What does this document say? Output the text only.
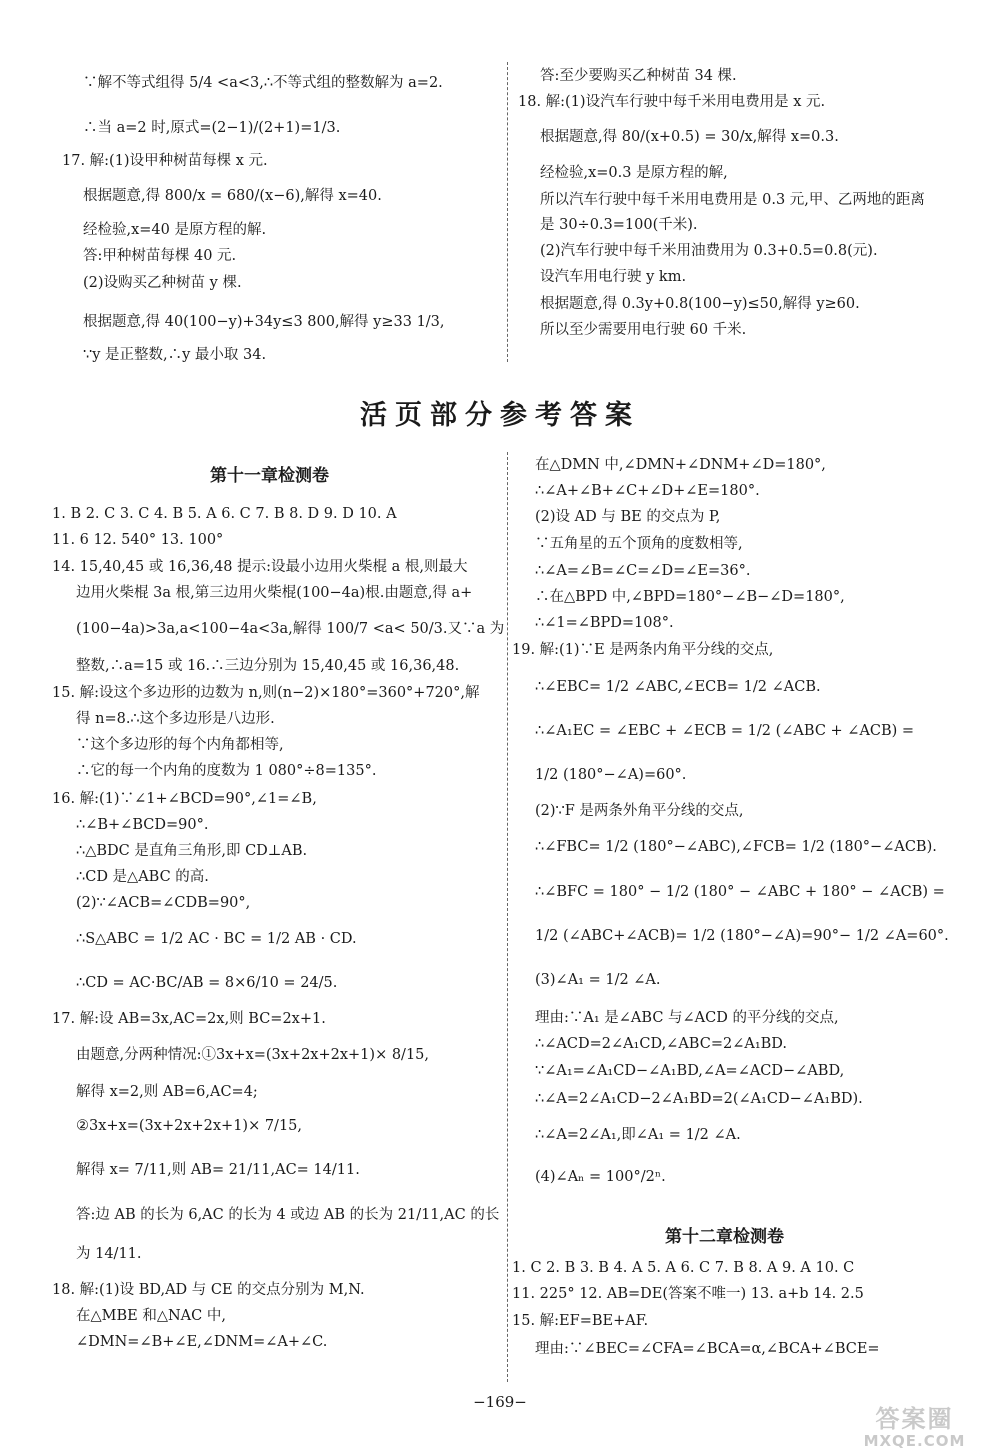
∵解不等式组得 5/4 <a<3,∴不等式组的整数解为 a=2.
∴当 a=2 时,原式=(2−1)/(2+1)=1/3.
17. 解:(1)设甲种树苗每棵 x 元.
根据题意,得 800/x = 680/(x−6),解得 x=40.
经检验,x=40 是原方程的解.
答:甲种树苗每棵 40 元.
(2)设购买乙种树苗 y 棵.
根据题意,得 40(100−y)+34y≤3 800,解得 y≥33 1/3,
∵y 是正整数,∴y 最小取 34.
答:至少要购买乙种树苗 34 棵.
18. 解:(1)设汽车行驶中每千米用电费用是 x 元.
根据题意,得 80/(x+0.5) = 30/x,解得 x=0.3.
经检验,x=0.3 是原方程的解,
所以汽车行驶中每千米用电费用是 0.3 元,甲、乙两地的距离
是 30÷0.3=100(千米).
(2)汽车行驶中每千米用油费用为 0.3+0.5=0.8(元).
设汽车用电行驶 y km.
根据题意,得 0.3y+0.8(100−y)≤50,解得 y≥60.
所以至少需要用电行驶 60 千米.
活页部分参考答案
第十一章检测卷
1. B 2. C 3. C 4. B 5. A 6. C 7. B 8. D 9. D 10. A
11. 6 12. 540° 13. 100°
14. 15,40,45 或 16,36,48 提示:设最小边用火柴棍 a 根,则最大
边用火柴棍 3a 根,第三边用火柴棍(100−4a)根.由题意,得 a+
(100−4a)>3a,a<100−4a<3a,解得 100/7 <a< 50/3.又∵a 为
整数,∴a=15 或 16.∴三边分别为 15,40,45 或 16,36,48.
15. 解:设这个多边形的边数为 n,则(n−2)×180°=360°+720°,解
得 n=8.∴这个多边形是八边形.
∵这个多边形的每个内角都相等,
∴它的每一个内角的度数为 1 080°÷8=135°.
16. 解:(1)∵∠1+∠BCD=90°,∠1=∠B,
∴∠B+∠BCD=90°.
∴△BDC 是直角三角形,即 CD⊥AB.
∴CD 是△ABC 的高.
(2)∵∠ACB=∠CDB=90°,
∴S△ABC = 1/2 AC · BC = 1/2 AB · CD.
∴CD = AC·BC/AB = 8×6/10 = 24/5.
17. 解:设 AB=3x,AC=2x,则 BC=2x+1.
由题意,分两种情况:①3x+x=(3x+2x+2x+1)× 8/15,
解得 x=2,则 AB=6,AC=4;
②3x+x=(3x+2x+2x+1)× 7/15,
解得 x= 7/11,则 AB= 21/11,AC= 14/11.
答:边 AB 的长为 6,AC 的长为 4 或边 AB 的长为 21/11,AC 的长
为 14/11.
18. 解:(1)设 BD,AD 与 CE 的交点分别为 M,N.
在△MBE 和△NAC 中,
∠DMN=∠B+∠E,∠DNM=∠A+∠C.
在△DMN 中,∠DMN+∠DNM+∠D=180°,
∴∠A+∠B+∠C+∠D+∠E=180°.
(2)设 AD 与 BE 的交点为 P,
∵五角星的五个顶角的度数相等,
∴∠A=∠B=∠C=∠D=∠E=36°.
∴在△BPD 中,∠BPD=180°−∠B−∠D=180°,
∴∠1=∠BPD=108°.
19. 解:(1)∵E 是两条内角平分线的交点,
∴∠EBC= 1/2 ∠ABC,∠ECB= 1/2 ∠ACB.
∴∠A₁EC = ∠EBC + ∠ECB = 1/2 (∠ABC + ∠ACB) =
1/2 (180°−∠A)=60°.
(2)∵F 是两条外角平分线的交点,
∴∠FBC= 1/2 (180°−∠ABC),∠FCB= 1/2 (180°−∠ACB).
∴∠BFC = 180° − 1/2 (180° − ∠ABC + 180° − ∠ACB) =
1/2 (∠ABC+∠ACB)= 1/2 (180°−∠A)=90°− 1/2 ∠A=60°.
(3)∠A₁ = 1/2 ∠A.
理由:∵A₁ 是∠ABC 与∠ACD 的平分线的交点,
∴∠ACD=2∠A₁CD,∠ABC=2∠A₁BD.
∵∠A₁=∠A₁CD−∠A₁BD,∠A=∠ACD−∠ABD,
∴∠A=2∠A₁CD−2∠A₁BD=2(∠A₁CD−∠A₁BD).
∴∠A=2∠A₁,即∠A₁ = 1/2 ∠A.
(4)∠Aₙ = 100°/2ⁿ.
第十二章检测卷
1. C 2. B 3. B 4. A 5. A 6. C 7. B 8. A 9. A 10. C
11. 225° 12. AB=DE(答案不唯一) 13. a+b 14. 2.5
15. 解:EF=BE+AF.
理由:∵∠BEC=∠CFA=∠BCA=α,∠BCA+∠BCE=
−169−
答案圈
MXQE.COM
